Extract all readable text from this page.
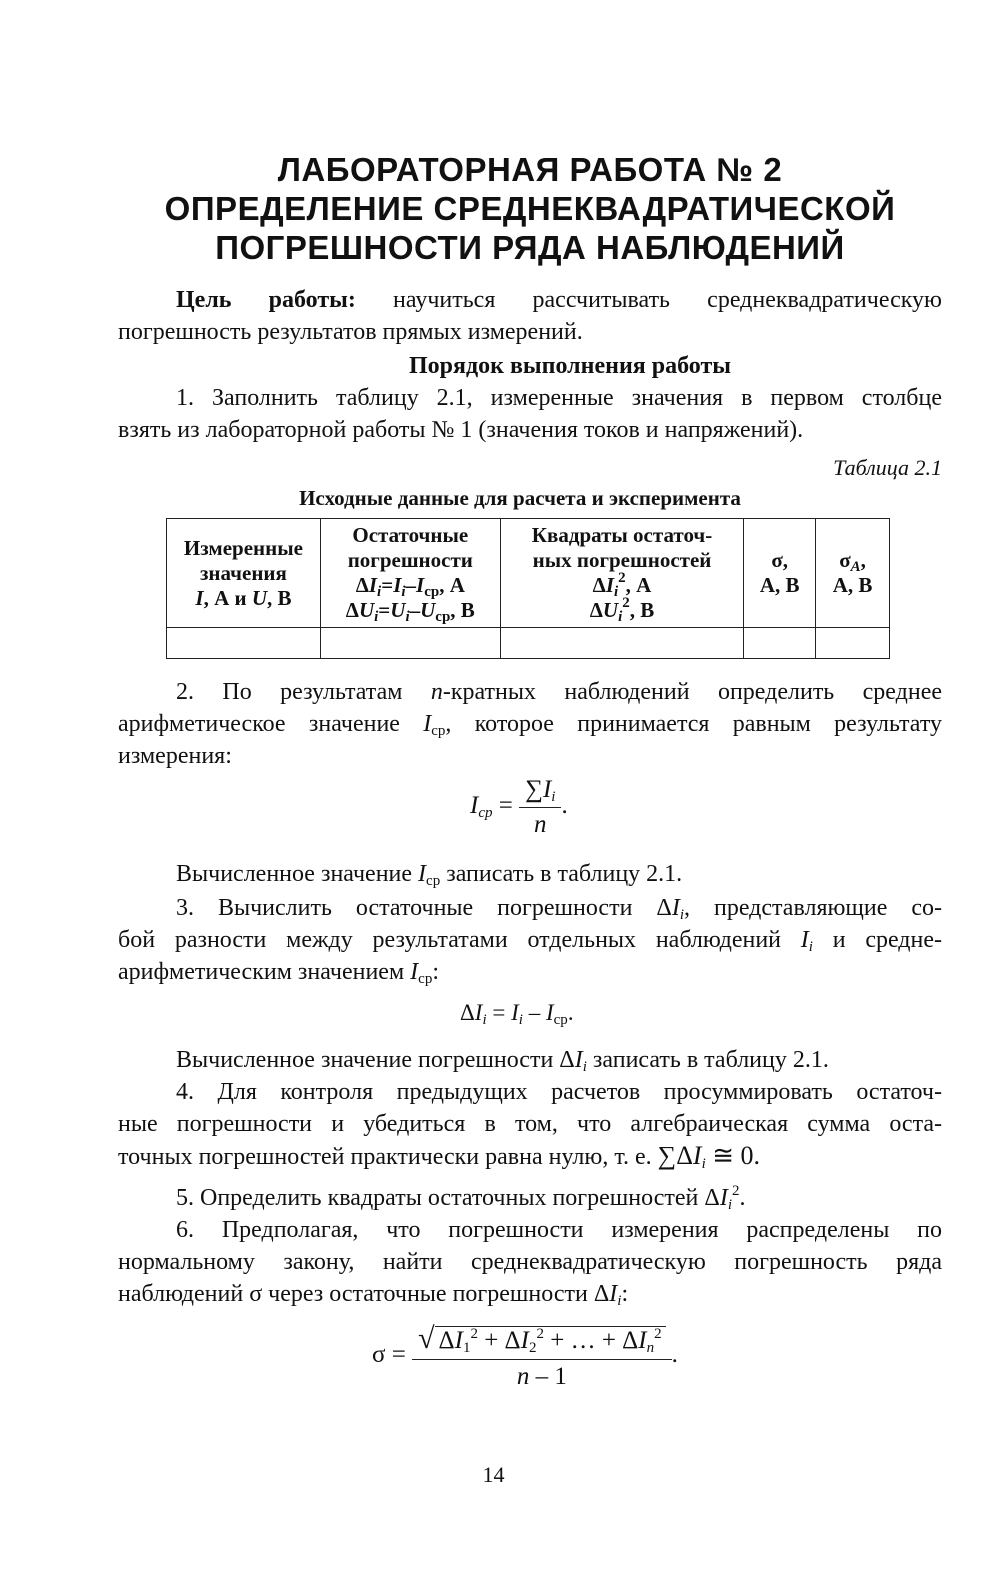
ЛАБОРАТОРНАЯ РАБОТА № 2
ОПРЕДЕЛЕНИЕ СРЕДНЕКВАДРАТИЧЕСКОЙ
ПОГРЕШНОСТИ РЯДА НАБЛЮДЕНИЙ
Цель работы: научиться рассчитывать среднеквадратическую
погрешность результатов прямых измерений.
Порядок выполнения работы
1. Заполнить таблицу 2.1, измеренные значения в первом столбце
взять из лабораторной работы № 1 (значения токов и напряжений).
Таблица 2.1
Исходные данные для расчета и эксперимента
Измеренные
значения
I, А и U, В	Остаточные
погрешности
$\Delta I_i=I_i-I_{ср}$, А
$\Delta U_i=U_i-U_{ср}$, В	Квадраты остаточ-
ных погрешностей
$\Delta I_i^2$, А
$\Delta U_i^2$, В	σ,
А, В	$\sigma_А$,
А, В

2. По результатам n-кратных наблюдений определить среднее
арифметическое значение $I_{ср}$, которое принимается равным результату
измерения:
$I_{cp} = \frac{\sum I_i}{n}$ .
Вычисленное значение $I_{ср}$ записать в таблицу 2.1.
3. Вычислить остаточные погрешности $\Delta I_i$, представляющие со-
бой разности между результатами отдельных наблюдений $I_i$ и средне-
арифметическим значением $I_{ср}$:
$\Delta I_i = I_i - I_{ср}$.
Вычисленное значение погрешности $\Delta I_i$ записать в таблицу 2.1.
4. Для контроля предыдущих расчетов просуммировать остаточ-
ные погрешности и убедиться в том, что алгебраическая сумма оста-
точных погрешностей практически равна нулю, т. е. $\sum\Delta I_i$ ≅ 0.
5. Определить квадраты остаточных погрешностей $\Delta I_i^2$.
6. Предполагая, что погрешности измерения распределены по
нормальному закону, найти среднеквадратическую погрешность ряда
наблюдений σ через остаточные погрешности $\Delta I_i$:
$\sigma = \frac{√ \Delta I_1^2 + \Delta I_2^2 + \dots + \Delta I_n^2}{n - 1}$ .
14
